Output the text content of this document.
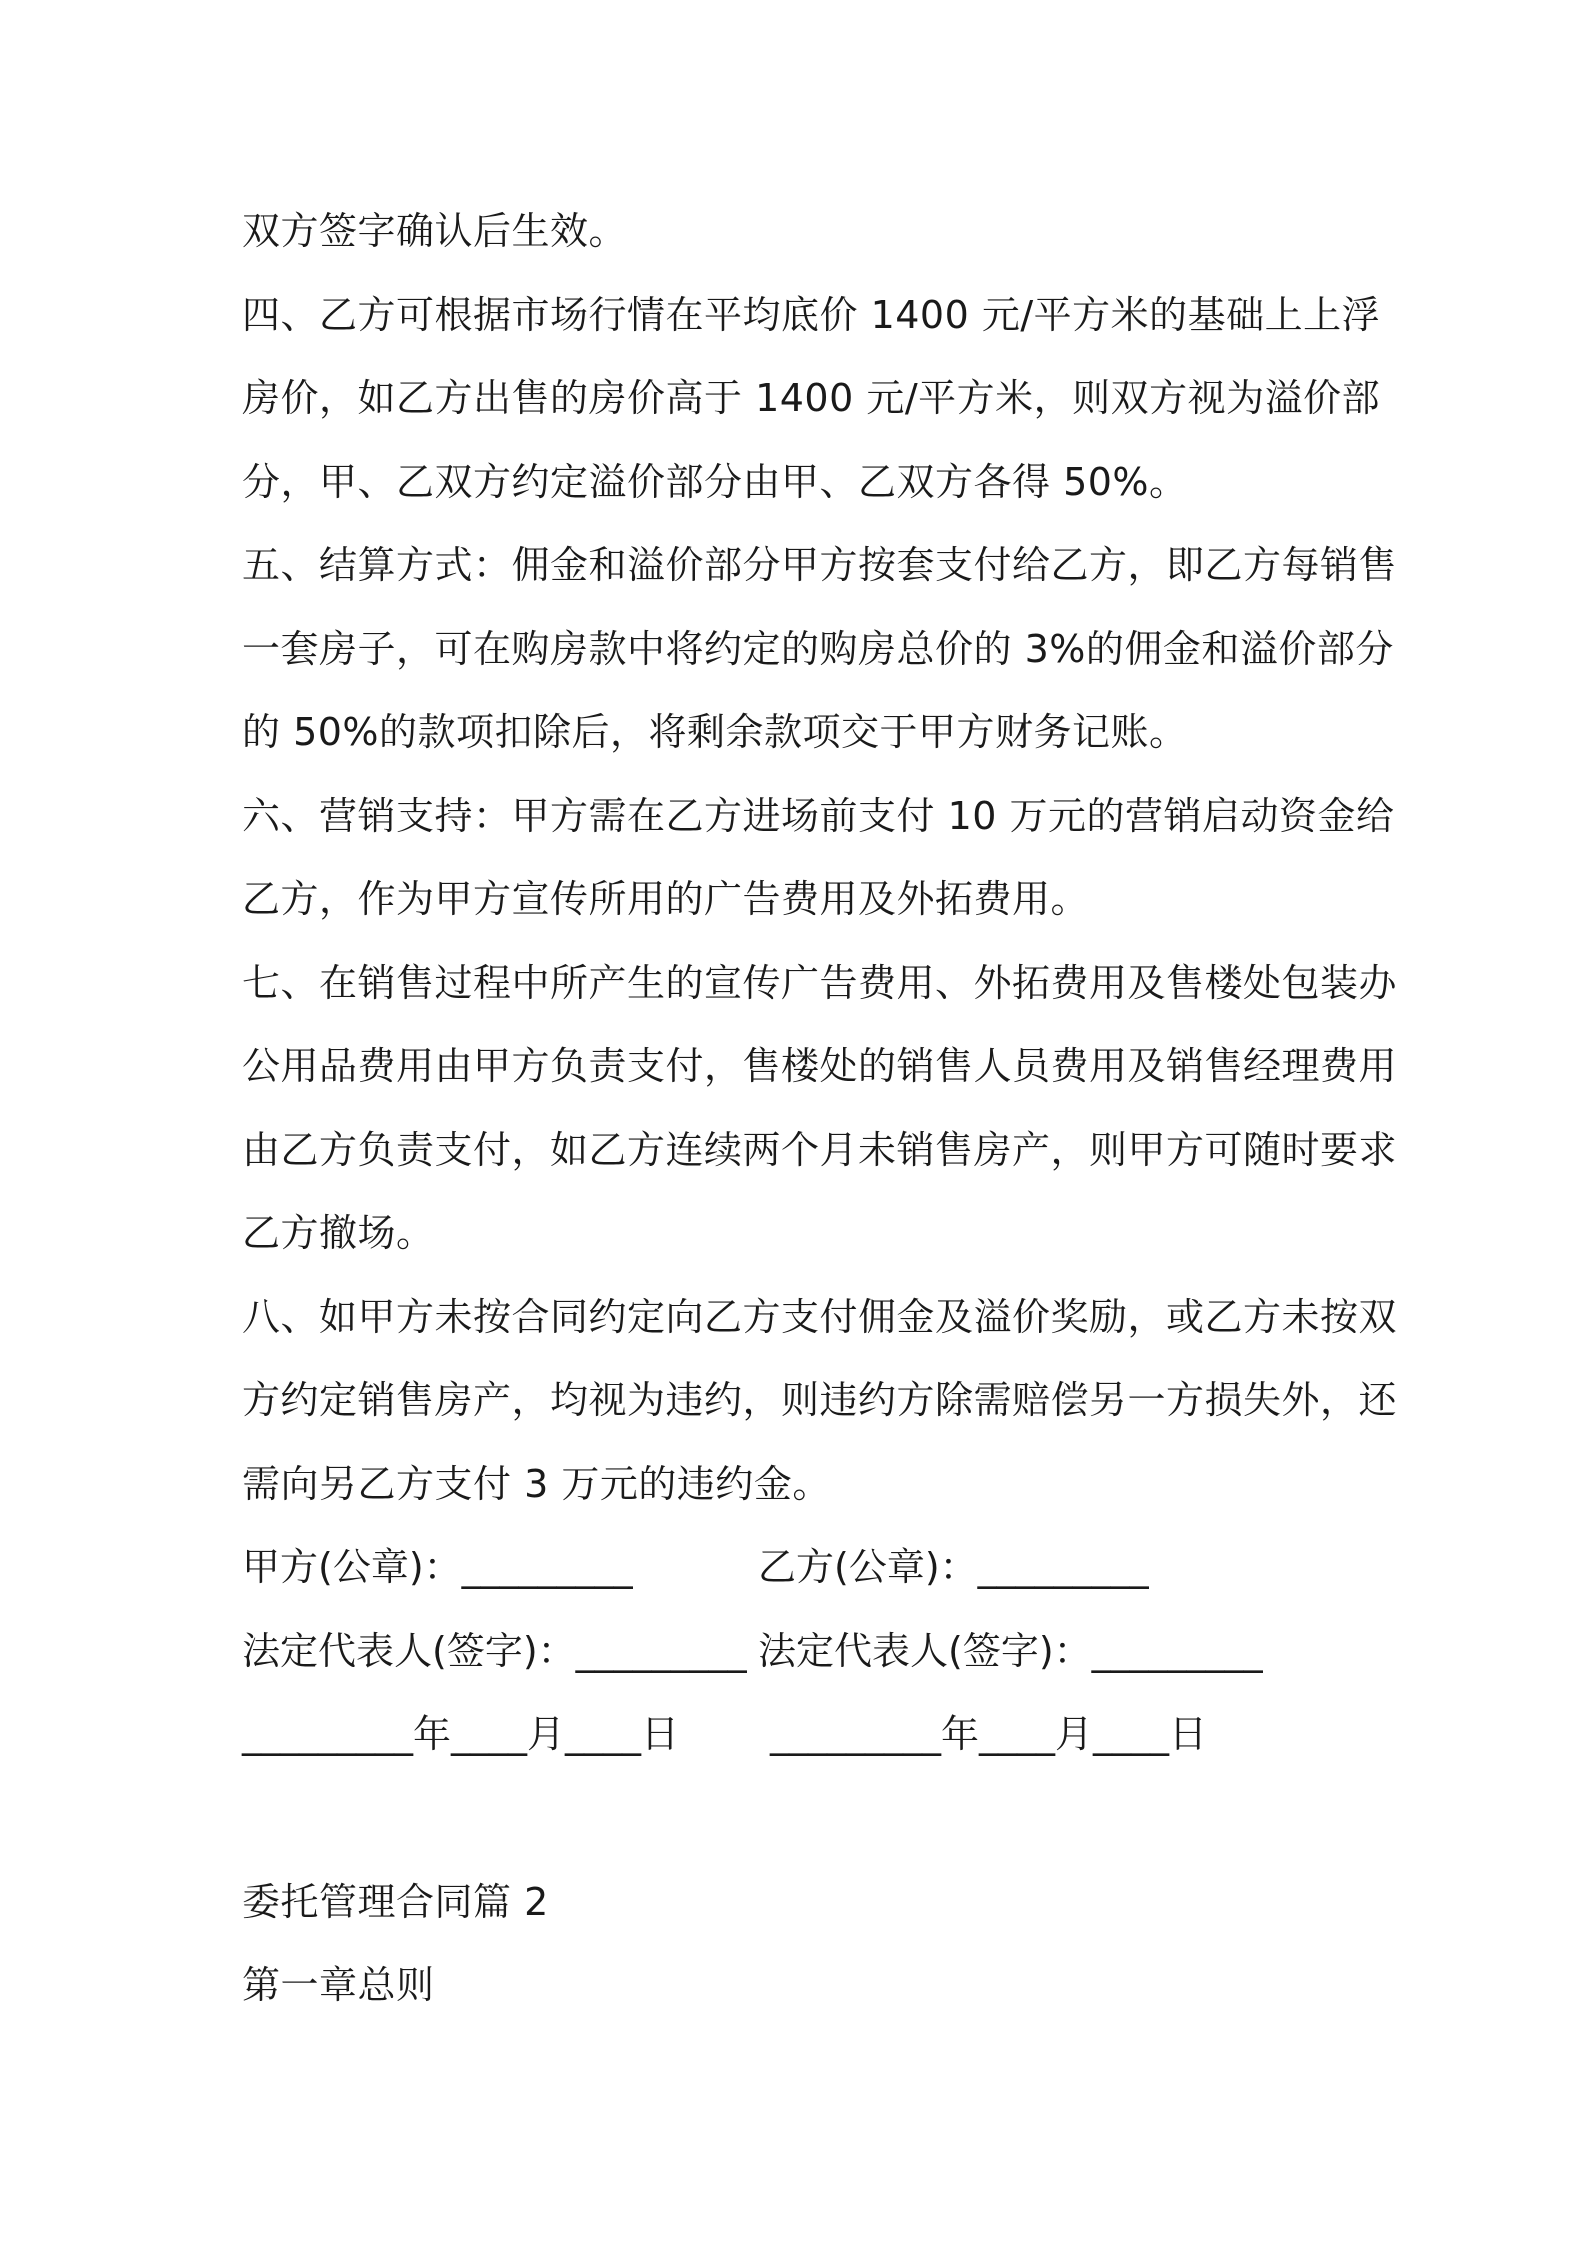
双方签字确认后生效。
四、乙方可根据市场行情在平均底价 1400 元/平方米的基础上上浮
房价，如乙方出售的房价高于 1400 元/平方米，则双方视为溢价部
分，甲、乙双方约定溢价部分由甲、乙双方各得 50%。
五、结算方式：佣金和溢价部分甲方按套支付给乙方，即乙方每销售
一套房子，可在购房款中将约定的购房总价的 3%的佣金和溢价部分
的 50%的款项扣除后，将剩余款项交于甲方财务记账。
六、营销支持：甲方需在乙方进场前支付 10 万元的营销启动资金给
乙方，作为甲方宣传所用的广告费用及外拓费用。
七、在销售过程中所产生的宣传广告费用、外拓费用及售楼处包装办
公用品费用由甲方负责支付，售楼处的销售人员费用及销售经理费用
由乙方负责支付，如乙方连续两个月未销售房产，则甲方可随时要求
乙方撤场。
八、如甲方未按合同约定向乙方支付佣金及溢价奖励，或乙方未按双
方约定销售房产，均视为违约，则违约方除需赔偿另一方损失外，还
需向另乙方支付 3 万元的违约金。
甲方(公章)：_________	乙方(公章)：_________
法定代表人(签字)：_________ 法定代表人(签字)：_________
_________年____月____日 _________年____月____日
委托管理合同篇 2
第一章总则
